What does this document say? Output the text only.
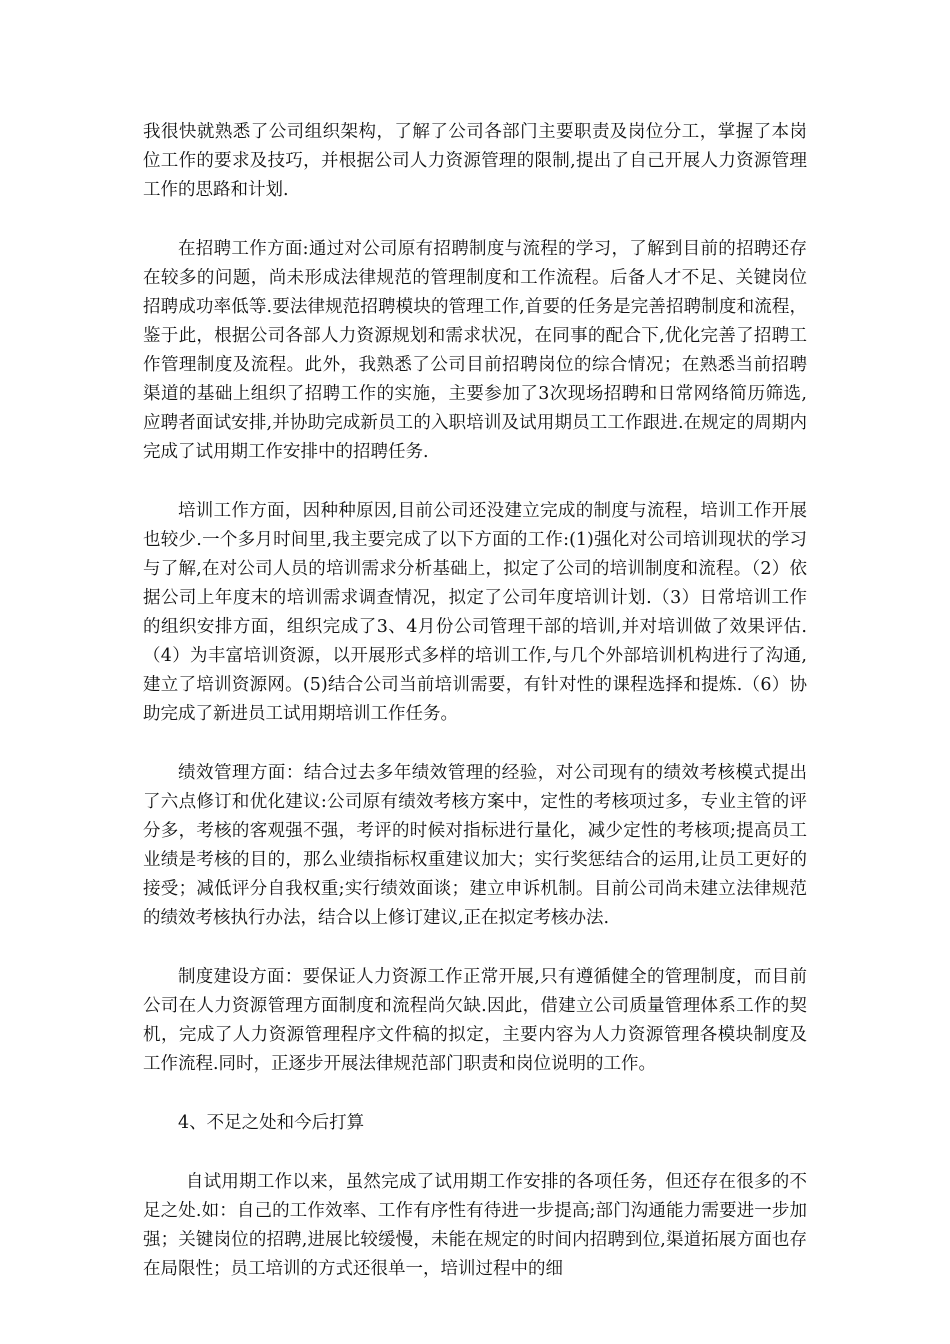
我很快就熟悉了公司组织架构，了解了公司各部门主要职责及岗位分工，掌握了本岗位工作的要求及技巧，并根据公司人力资源管理的限制,提出了自己开展人力资源管理工作的思路和计划.

在招聘工作方面:通过对公司原有招聘制度与流程的学习，了解到目前的招聘还存在较多的问题，尚未形成法律规范的管理制度和工作流程。后备人才不足、关键岗位招聘成功率低等.要法律规范招聘模块的管理工作,首要的任务是完善招聘制度和流程，鉴于此，根据公司各部人力资源规划和需求状况，在同事的配合下,优化完善了招聘工作管理制度及流程。此外，我熟悉了公司目前招聘岗位的综合情况；在熟悉当前招聘渠道的基础上组织了招聘工作的实施，主要参加了3次现场招聘和日常网络简历筛选,应聘者面试安排,并协助完成新员工的入职培训及试用期员工工作跟进.在规定的周期内完成了试用期工作安排中的招聘任务.

培训工作方面，因种种原因,目前公司还没建立完成的制度与流程，培训工作开展也较少.一个多月时间里,我主要完成了以下方面的工作:(1)强化对公司培训现状的学习与了解,在对公司人员的培训需求分析基础上，拟定了公司的培训制度和流程。（2）依据公司上年度末的培训需求调查情况，拟定了公司年度培训计划.（3）日常培训工作的组织安排方面，组织完成了3、4月份公司管理干部的培训,并对培训做了效果评估.（4）为丰富培训资源，以开展形式多样的培训工作,与几个外部培训机构进行了沟通,建立了培训资源网。(5)结合公司当前培训需要，有针对性的课程选择和提炼.（6）协助完成了新进员工试用期培训工作任务。

绩效管理方面：结合过去多年绩效管理的经验，对公司现有的绩效考核模式提出了六点修订和优化建议:公司原有绩效考核方案中，定性的考核项过多，专业主管的评分多，考核的客观强不强，考评的时候对指标进行量化，减少定性的考核项;提高员工业绩是考核的目的，那么业绩指标权重建议加大；实行奖惩结合的运用,让员工更好的接受；减低评分自我权重;实行绩效面谈；建立申诉机制。目前公司尚未建立法律规范的绩效考核执行办法，结合以上修订建议,正在拟定考核办法.

制度建设方面：要保证人力资源工作正常开展,只有遵循健全的管理制度，而目前公司在人力资源管理方面制度和流程尚欠缺.因此，借建立公司质量管理体系工作的契机，完成了人力资源管理程序文件稿的拟定，主要内容为人力资源管理各模块制度及工作流程.同时，正逐步开展法律规范部门职责和岗位说明的工作。

4、不足之处和今后打算

自试用期工作以来，虽然完成了试用期工作安排的各项任务，但还存在很多的不足之处.如：自己的工作效率、工作有序性有待进一步提高;部门沟通能力需要进一步加强；关键岗位的招聘,进展比较缓慢，未能在规定的时间内招聘到位,渠道拓展方面也存在局限性；员工培训的方式还很单一，培训过程中的细
